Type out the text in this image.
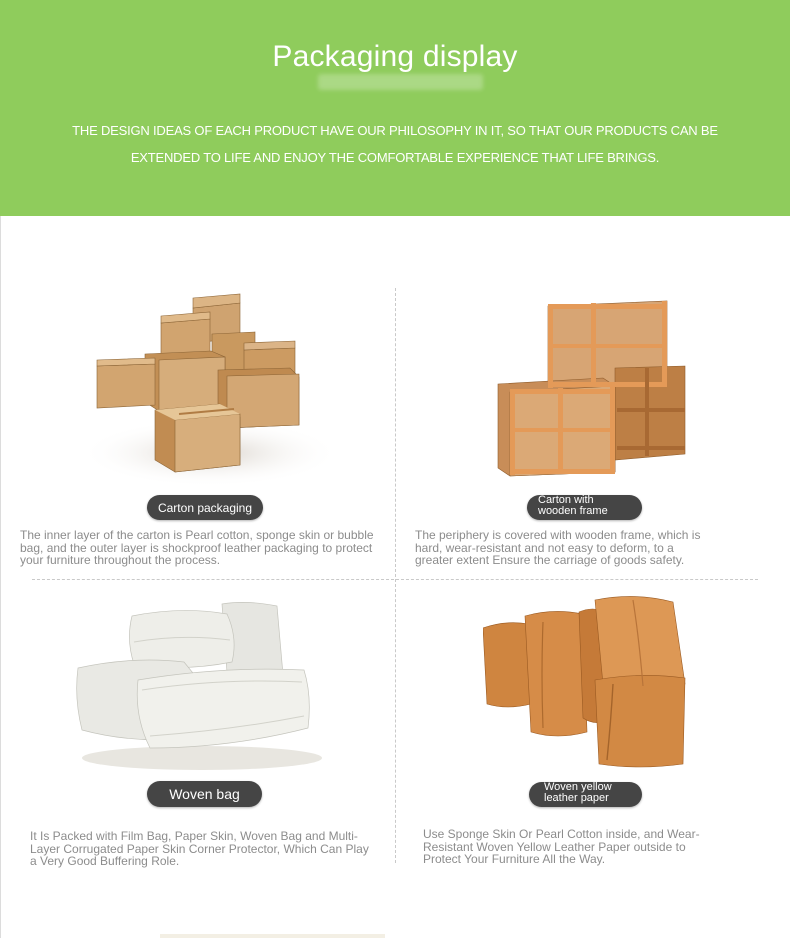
Packaging display

THE DESIGN IDEAS OF EACH PRODUCT HAVE OUR PHILOSOPHY IN IT, SO THAT OUR PRODUCTS CAN BE EXTENDED TO LIFE AND ENJOY THE COMFORTABLE EXPERIENCE THAT LIFE BRINGS.

Carton packaging

The inner layer of the carton is Pearl cotton, sponge skin or bubble bag, and the outer layer is shockproof leather packaging to protect your furniture throughout the process.

Carton with
wooden frame

The periphery is covered with wooden frame, which is hard, wear-resistant and not easy to deform, to a greater extent Ensure the carriage of goods safety.

Woven bag

It Is Packed with Film Bag, Paper Skin, Woven Bag and Multi-Layer Corrugated Paper Skin Corner Protector, Which Can Play a Very Good Buffering Role.

Woven yellow
leather paper

Use Sponge Skin Or Pearl Cotton inside, and Wear-Resistant Woven Yellow Leather Paper outside to Protect Your Furniture All the Way.
